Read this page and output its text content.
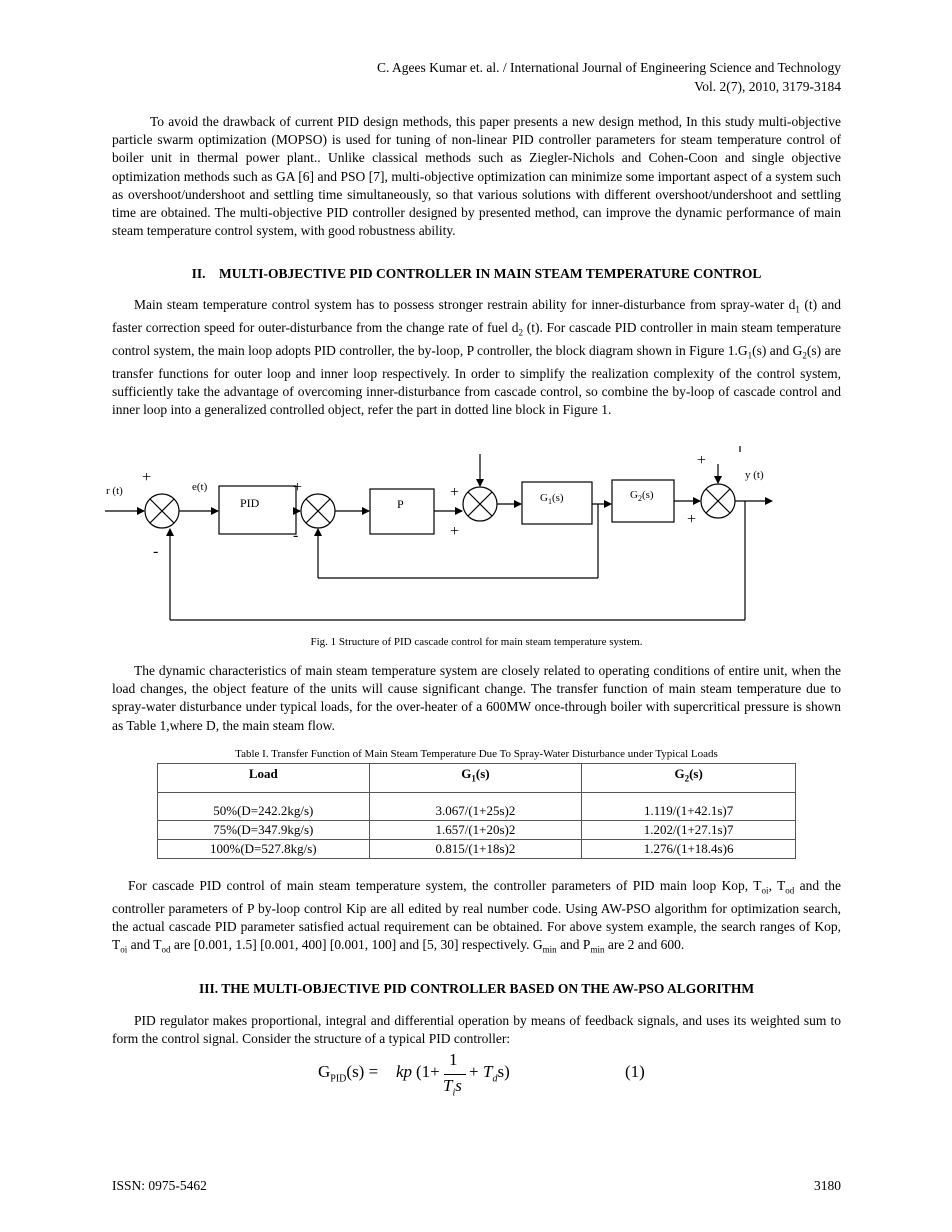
C. Agees Kumar et. al. / International Journal of Engineering Science and Technology
Vol. 2(7), 2010, 3179-3184

To avoid the drawback of current PID design methods, this paper presents a new design method, In this study multi-objective particle swarm optimization (MOPSO) is used for tuning of non-linear PID controller parameters for steam temperature control of boiler unit in thermal power plant.. Unlike classical methods such as Ziegler-Nichols and Cohen-Coon and single objective optimization methods such as GA [6] and PSO [7], multi-objective optimization can minimize some important aspect of a system such as overshoot/undershoot and settling time simultaneously, so that various solutions with different overshoot/undershoot and settling time are obtained. The multi-objective PID controller designed by presented method, can improve the dynamic performance of main steam temperature control system, with good robustness ability.

II.    MULTI-OBJECTIVE PID CONTROLLER IN MAIN STEAM TEMPERATURE CONTROL

Main steam temperature control system has to possess stronger restrain ability for inner-disturbance from spray-water $d_1$ (t) and faster correction speed for outer-disturbance from the change rate of fuel $d_2$ (t). For cascade PID controller in main steam temperature control system, the main loop adopts PID controller, the by-loop, P controller, the block diagram shown in Figure $1.G_1(s)$ and $G_2(s)$ are transfer functions for outer loop and inner loop respectively. In order to simplify the realization complexity of the control system, sufficiently take the advantage of overcoming inner-disturbance from cascade control, so combine the by-loop of cascade control and inner loop into a generalized controlled object, refer the part in dotted line block in Figure 1.

r (t)	e(t)
y (t)
PID	P	$G_1(s)$	$G_2(s)$
+
-
+
-
+
+
+
+
Fig. 1 Structure of PID cascade control for main steam temperature system.

The dynamic characteristics of main steam temperature system are closely related to operating conditions of entire unit, when the load changes, the object feature of the units will cause significant change. The transfer function of main steam temperature due to spray-water disturbance under typical loads, for the over-heater of a 600MW once-through boiler with supercritical pressure is shown as Table 1,where D, the main steam flow.

Table I. Transfer Function of Main Steam Temperature Due To Spray-Water Disturbance under Typical Loads
Load	$G_1(s)$	$G_2(s)$
50%(D=242.2kg/s)	3.067/(1+25s)2	1.119/(1+42.1s)7
75%(D=347.9kg/s)	1.657/(1+20s)2	1.202/(1+27.1s)7
100%(D=527.8kg/s)	0.815/(1+18s)2	1.276/(1+18.4s)6

For cascade PID control of main steam temperature system, the controller parameters of PID main loop Kop, $T_{oi}$, $T_{od}$ and the controller parameters of P by-loop control Kip are all edited by real number code. Using AW-PSO algorithm for optimization search, the actual cascade PID parameter satisfied actual requirement can be obtained. For above system example, the search ranges of Kop, $T_{oi}$ and $T_{od}$ are [0.001, 1.5] [0.001, 400] [0.001, 100] and [5, 30] respectively. $G_{min}$ and $P_{min}$ are 2 and 600.

III. THE MULTI-OBJECTIVE PID CONTROLLER BASED ON THE AW-PSO ALGORITHM

PID regulator makes proportional, integral and differential operation by means of feedback signals, and uses its weighted sum to form the control signal. Consider the structure of a typical PID controller:

$G_{PID}(s)$ = kp (1+
1
$T_is$
+ $T_ds$)	(1)
ISSN: 0975-5462	3180
